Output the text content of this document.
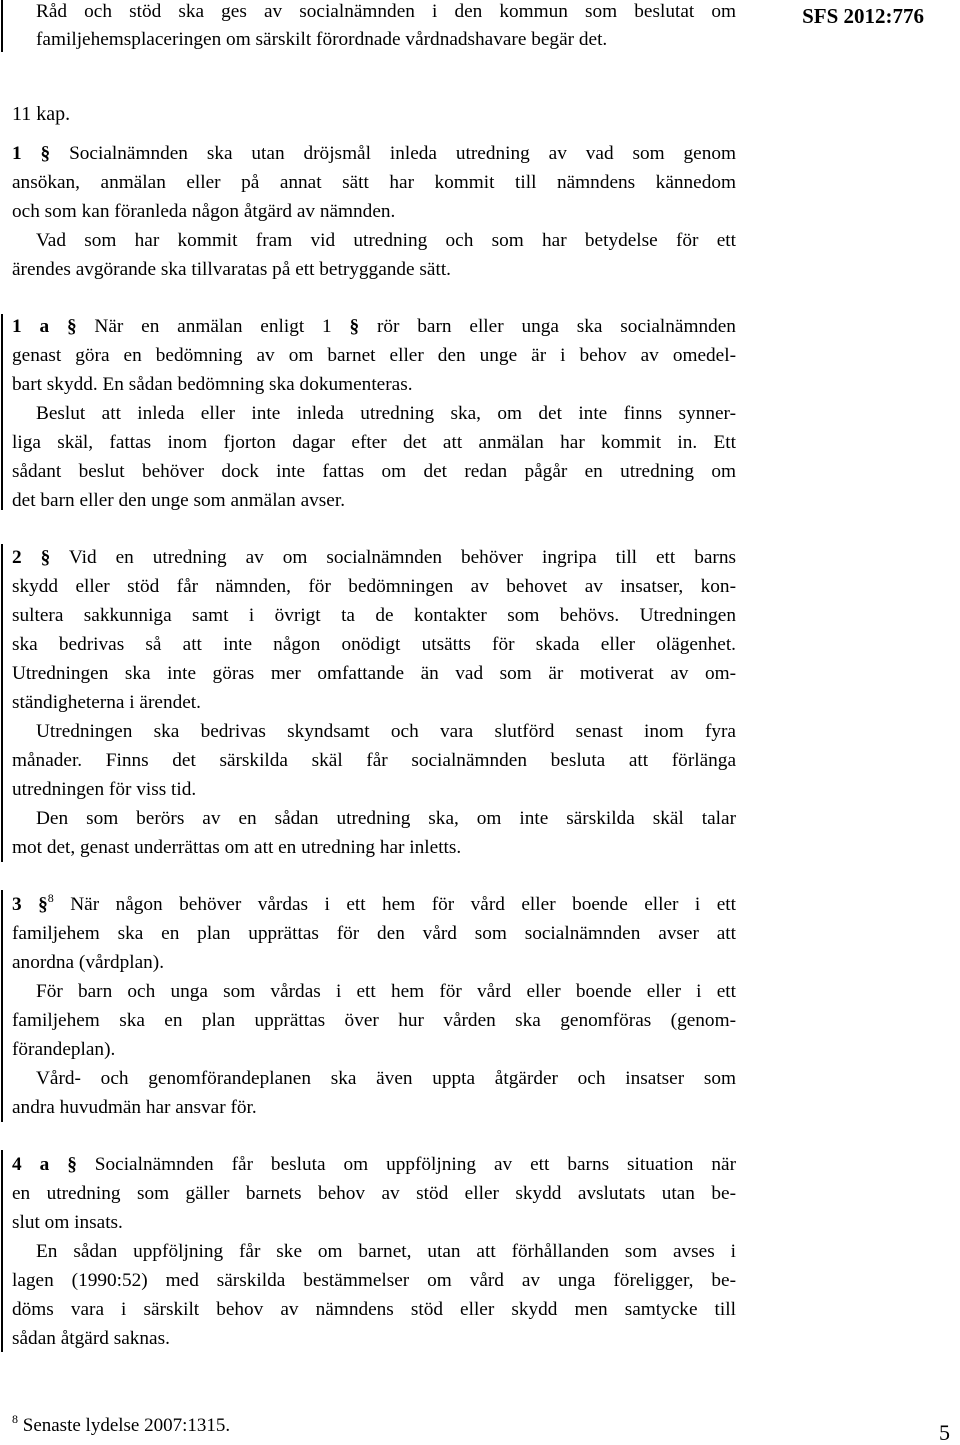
Råd och stöd ska ges av socialnämnden i den kommun som beslutat om
familjehemsplaceringen om särskilt förordnade vårdnadshavare begär det.
SFS 2012:776
11 kap.
1 § Socialnämnden ska utan dröjsmål inleda utredning av vad som genom
ansökan, anmälan eller på annat sätt har kommit till nämndens kännedom
och som kan föranleda någon åtgärd av nämnden.
Vad som har kommit fram vid utredning och som har betydelse för ett
ärendes avgörande ska tillvaratas på ett betryggande sätt.
1 a § När en anmälan enligt 1 § rör barn eller unga ska socialnämnden
genast göra en bedömning av om barnet eller den unge är i behov av omedel-
bart skydd. En sådan bedömning ska dokumenteras.
Beslut att inleda eller inte inleda utredning ska, om det inte finns synner-
liga skäl, fattas inom fjorton dagar efter det att anmälan har kommit in. Ett
sådant beslut behöver dock inte fattas om det redan pågår en utredning om
det barn eller den unge som anmälan avser.
2 § Vid en utredning av om socialnämnden behöver ingripa till ett barns
skydd eller stöd får nämnden, för bedömningen av behovet av insatser, kon-
sultera sakkunniga samt i övrigt ta de kontakter som behövs. Utredningen
ska bedrivas så att inte någon onödigt utsätts för skada eller olägenhet.
Utredningen ska inte göras mer omfattande än vad som är motiverat av om-
ständigheterna i ärendet.
Utredningen ska bedrivas skyndsamt och vara slutförd senast inom fyra
månader. Finns det särskilda skäl får socialnämnden besluta att förlänga
utredningen för viss tid.
Den som berörs av en sådan utredning ska, om inte särskilda skäl talar
mot det, genast underrättas om att en utredning har inletts.
3 §$^8$ När någon behöver vårdas i ett hem för vård eller boende eller i ett
familjehem ska en plan upprättas för den vård som socialnämnden avser att
anordna (vårdplan).
För barn och unga som vårdas i ett hem för vård eller boende eller i ett
familjehem ska en plan upprättas över hur vården ska genomföras (genom-
förandeplan).
Vård- och genomförandeplanen ska även uppta åtgärder och insatser som
andra huvudmän har ansvar för.
4 a § Socialnämnden får besluta om uppföljning av ett barns situation när
en utredning som gäller barnets behov av stöd eller skydd avslutats utan be-
slut om insats.
En sådan uppföljning får ske om barnet, utan att förhållanden som avses i
lagen (1990:52) med särskilda bestämmelser om vård av unga föreligger, be-
döms vara i särskilt behov av nämndens stöd eller skydd men samtycke till
sådan åtgärd saknas.
$^8$ Senaste lydelse 2007:1315.	5
